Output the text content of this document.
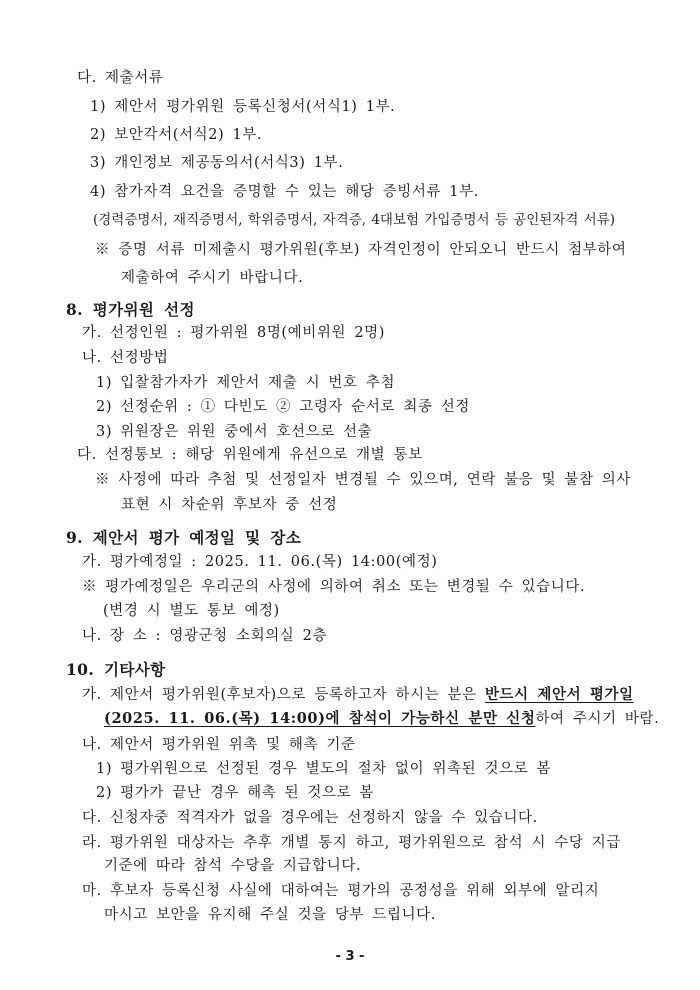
다. 제출서류
1) 제안서 평가위원 등록신청서(서식1) 1부.
2) 보안각서(서식2) 1부.
3) 개인정보 제공동의서(서식3) 1부.
4) 참가자격 요건을 증명할 수 있는 해당 증빙서류 1부.
(경력증명서, 재직증명서, 학위증명서, 자격증, 4대보험 가입증명서 등 공인된자격 서류)
※ 증명 서류 미제출시 평가위원(후보) 자격인정이 안되오니 반드시 첨부하여
제출하여 주시기 바랍니다.
8. 평가위원 선정
가. 선정인원 : 평가위원 8명(예비위원 2명)
나. 선정방법
1) 입찰참가자가 제안서 제출 시 번호 추첨
2) 선정순위 : ① 다빈도 ② 고령자 순서로 최종 선정
3) 위원장은 위원 중에서 호선으로 선출
다. 선정통보 : 해당 위원에게 유선으로 개별 통보
※ 사정에 따라 추첨 및 선정일자 변경될 수 있으며, 연락 불응 및 불참 의사
표현 시 차순위 후보자 중 선정
9. 제안서 평가 예정일 및 장소
가. 평가예정일 : 2025. 11. 06.(목) 14:00(예정)
※ 평가예정일은 우리군의 사정에 의하여 취소 또는 변경될 수 있습니다.
(변경 시 별도 통보 예정)
나. 장 소 : 영광군청 소회의실 2층
10. 기타사항
가. 제안서 평가위원(후보자)으로 등록하고자 하시는 분은 반드시 제안서 평가일
(2025. 11. 06.(목) 14:00)에 참석이 가능하신 분만 신청하여 주시기 바람.
나. 제안서 평가위원 위촉 및 해촉 기준
1) 평가위원으로 선정된 경우 별도의 절차 없이 위촉된 것으로 봄
2) 평가가 끝난 경우 해촉 된 것으로 봄
다. 신청자중 적격자가 없을 경우에는 선정하지 않을 수 있습니다.
라. 평가위원 대상자는 추후 개별 통지 하고, 평가위원으로 참석 시 수당 지급
기준에 따라 참석 수당을 지급합니다.
마. 후보자 등록신청 사실에 대하여는 평가의 공정성을 위해 외부에 알리지
마시고 보안을 유지해 주실 것을 당부 드립니다.
- 3 -
